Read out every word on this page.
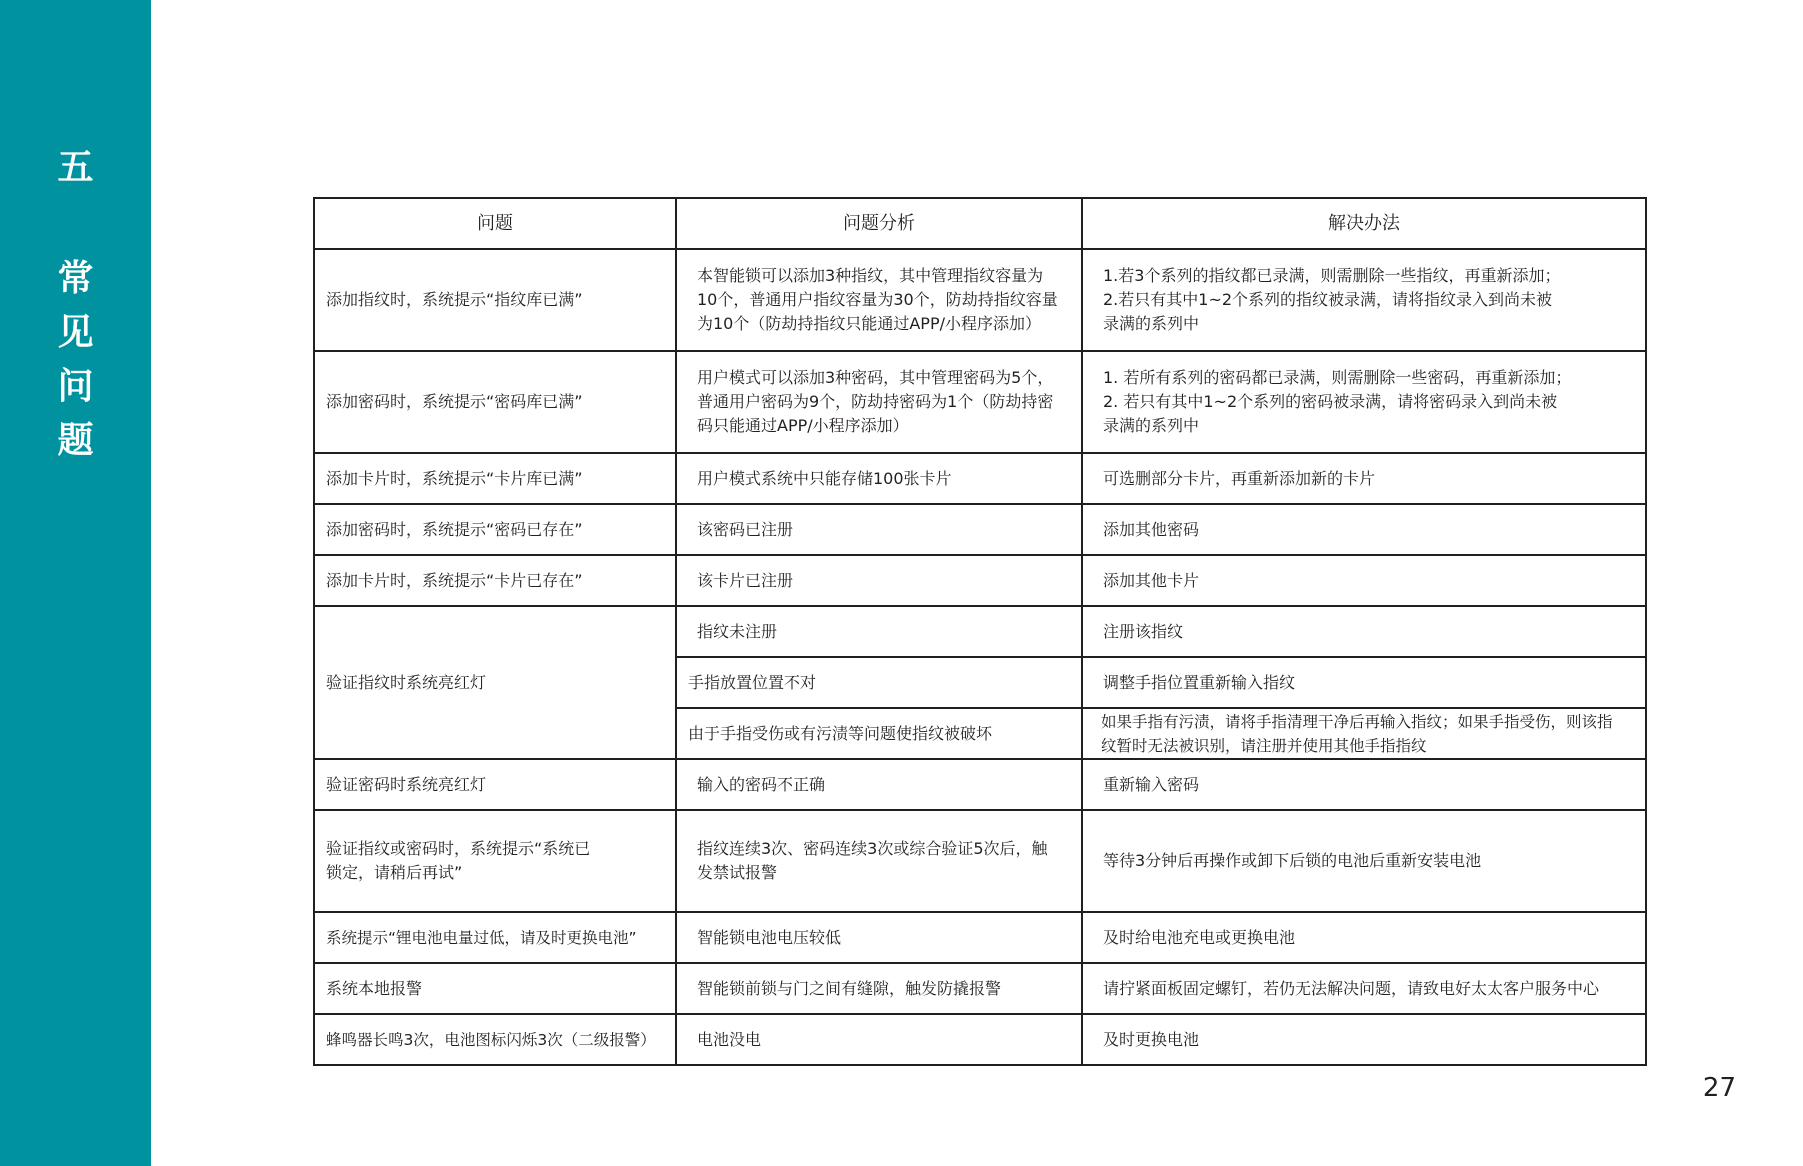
五
常
见
问
题
问题	问题分析	解决办法
添加指纹时，系统提示“指纹库已满”	本智能锁可以添加3种指纹，其中管理指纹容量为
10个，普通用户指纹容量为30个，防劫持指纹容量
为10个（防劫持指纹只能通过APP/小程序添加）	1.若3个系列的指纹都已录满，则需删除一些指纹，再重新添加；
2.若只有其中1~2个系列的指纹被录满，请将指纹录入到尚未被
录满的系列中
添加密码时，系统提示“密码库已满”	用户模式可以添加3种密码，其中管理密码为5个，
普通用户密码为9个，防劫持密码为1个（防劫持密
码只能通过APP/小程序添加）	1. 若所有系列的密码都已录满，则需删除一些密码，再重新添加；
2. 若只有其中1~2个系列的密码被录满，请将密码录入到尚未被
录满的系列中
添加卡片时，系统提示“卡片库已满”	用户模式系统中只能存储100张卡片	可选删部分卡片，再重新添加新的卡片
添加密码时，系统提示“密码已存在”	该密码已注册	添加其他密码
添加卡片时，系统提示“卡片已存在”	该卡片已注册	添加其他卡片
验证指纹时系统亮红灯	指纹未注册	注册该指纹
	手指放置位置不对	调整手指位置重新输入指纹
	由于手指受伤或有污渍等问题使指纹被破坏	如果手指有污渍，请将手指清理干净后再输入指纹；如果手指受伤，则该指
纹暂时无法被识别，请注册并使用其他手指指纹
验证密码时系统亮红灯	输入的密码不正确	重新输入密码
验证指纹或密码时，系统提示“系统已
锁定，请稍后再试”	指纹连续3次、密码连续3次或综合验证5次后，触
发禁试报警	等待3分钟后再操作或卸下后锁的电池后重新安装电池
系统提示“锂电池电量过低，请及时更换电池”	智能锁电池电压较低	及时给电池充电或更换电池
系统本地报警	智能锁前锁与门之间有缝隙，触发防撬报警	请拧紧面板固定螺钉，若仍无法解决问题，请致电好太太客户服务中心
蜂鸣器长鸣3次，电池图标闪烁3次（二级报警）	电池没电	及时更换电池
27
